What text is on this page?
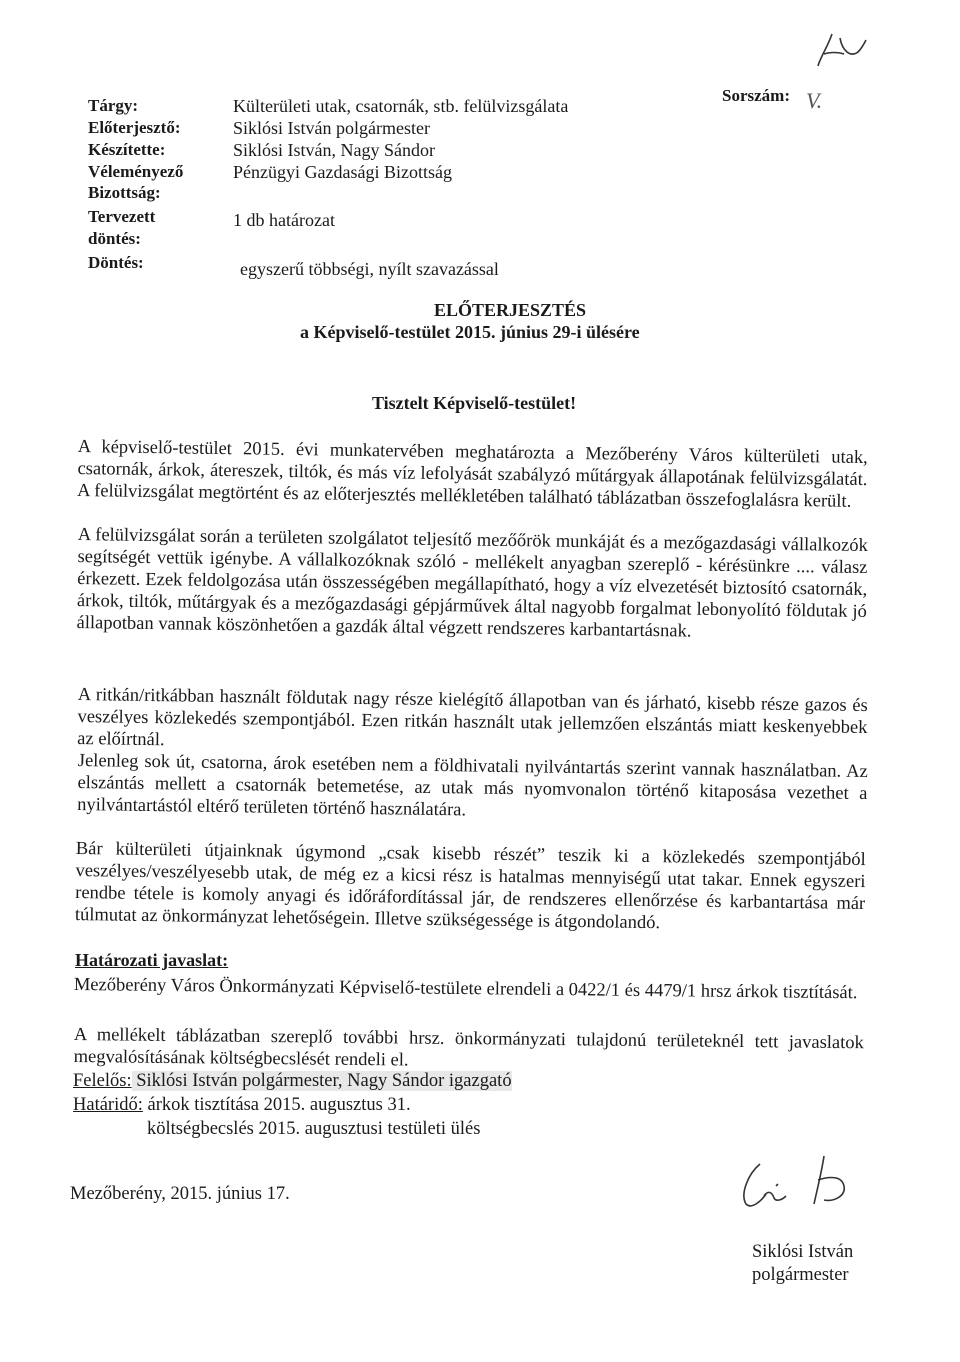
Tárgy:
Előterjesztő:
Készítette:
Véleményező
Bizottság:
Tervezett
döntés:
Döntés:
Külterületi utak, csatornák, stb. felülvizsgálata
Siklósi István polgármester
Siklósi István, Nagy Sándor
Pénzügyi Gazdasági Bizottság
1 db határozat
egyszerű többségi, nyílt szavazással
Sorszám: V.
ELŐTERJESZTÉS
a Képviselő-testület 2015. június 29-i ülésére
Tisztelt Képviselő-testület!
A képviselő-testület 2015. évi munkatervében meghatározta a Mezőberény Város külterületi utak, csatornák, árkok, átereszek, tiltók, és más víz lefolyását szabályzó műtárgyak állapotának felülvizsgálatát. A felülvizsgálat megtörtént és az előterjesztés mellékletében található táblázatban összefoglalásra került.
A felülvizsgálat során a területen szolgálatot teljesítő mezőőrök munkáját és a mezőgazdasági vállalkozók segítségét vettük igénybe. A vállalkozóknak szóló - mellékelt anyagban szereplő - kérésünkre .... válasz érkezett. Ezek feldolgozása után összességében megállapítható, hogy a víz elvezetését biztosító csatornák, árkok, tiltók, műtárgyak és a mezőgazdasági gépjárművek által nagyobb forgalmat lebonyolító földutak jó állapotban vannak köszönhetően a gazdák által végzett rendszeres karbantartásnak.
A ritkán/ritkábban használt földutak nagy része kielégítő állapotban van és járható, kisebb része gazos és veszélyes közlekedés szempontjából. Ezen ritkán használt utak jellemzően elszántás miatt keskenyebbek az előírtnál.
Jelenleg sok út, csatorna, árok esetében nem a földhivatali nyilvántartás szerint vannak használatban. Az elszántás mellett a csatornák betemetése, az utak más nyomvonalon történő kitaposása vezethet a nyilvántartástól eltérő területen történő használatára.
Bár külterületi útjainknak úgymond „csak kisebb részét” teszik ki a közlekedés szempontjából veszélyes/veszélyesebb utak, de még ez a kicsi rész is hatalmas mennyiségű utat takar. Ennek egyszeri rendbe tétele is komoly anyagi és időráfordítással jár, de rendszeres ellenőrzése és karbantartása már túlmutat az önkormányzat lehetőségein. Illetve szükségessége is átgondolandó.
Határozati javaslat:
Mezőberény Város Önkormányzati Képviselő-testülete elrendeli a 0422/1 és 4479/1 hrsz árkok tisztítását.
A mellékelt táblázatban szereplő további hrsz. önkormányzati tulajdonú területeknél tett javaslatok megvalósításának költségbecslését rendeli el.
Felelős: Siklósi István polgármester, Nagy Sándor igazgató
Határidő: árkok tisztítása 2015. augusztus 31.
költségbecslés 2015. augusztusi testületi ülés
Mezőberény, 2015. június 17.
Siklósi István
polgármester
